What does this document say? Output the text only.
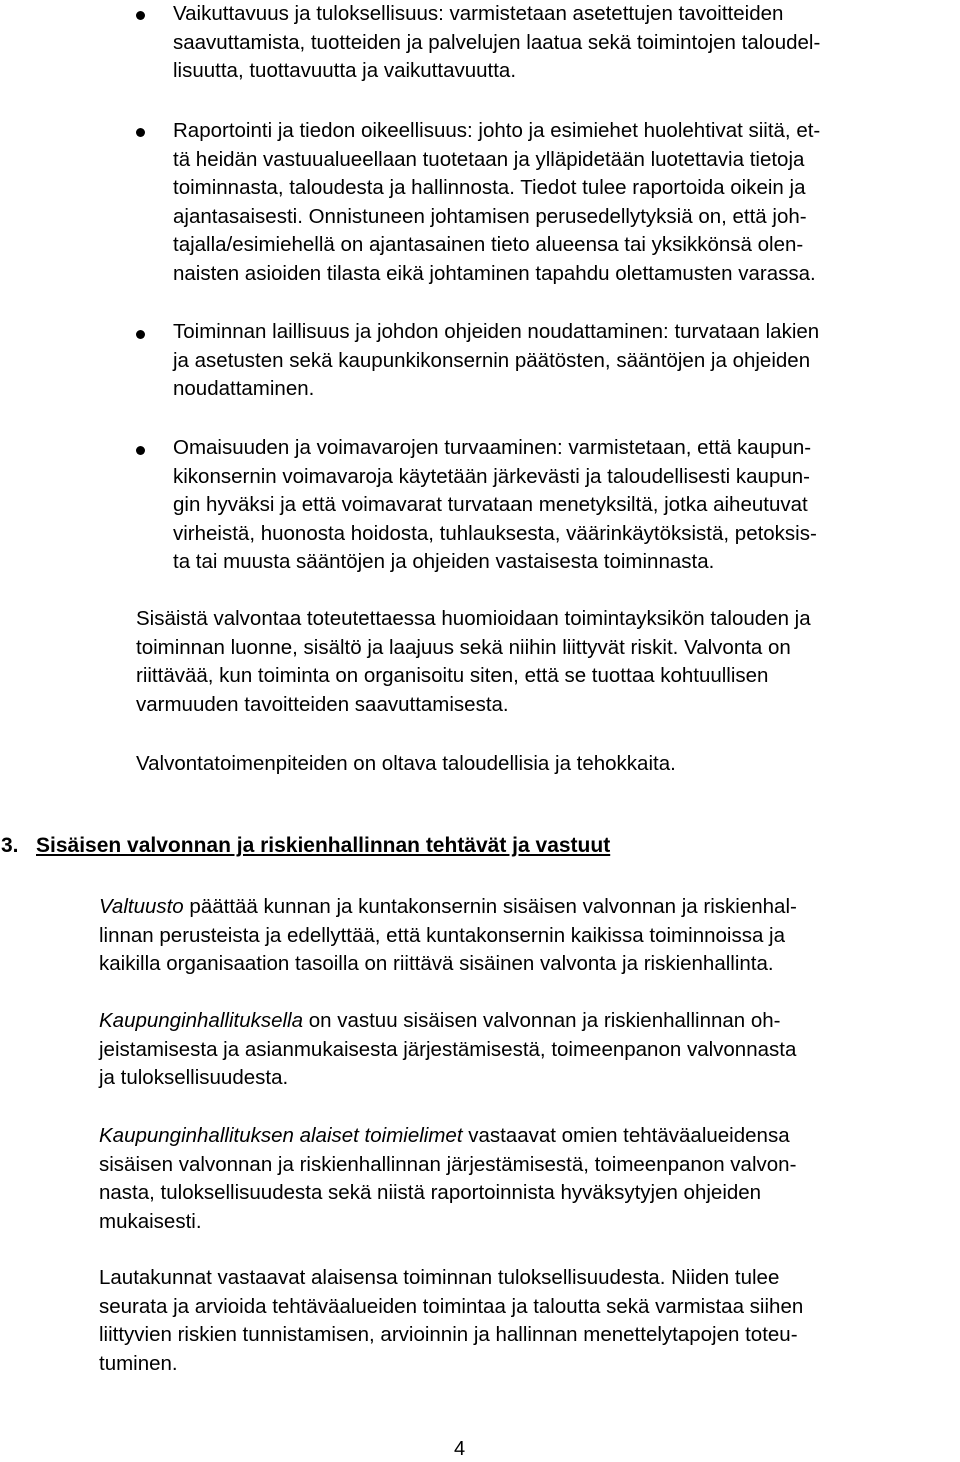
Vaikuttavuus ja tuloksellisuus: varmistetaan asetettujen tavoitteiden
saavuttamista, tuotteiden ja palvelujen laatua sekä toimintojen taloudel-
lisuutta, tuottavuutta ja vaikuttavuutta.

Raportointi ja tiedon oikeellisuus: johto ja esimiehet huolehtivat siitä, et-
tä heidän vastuualueellaan tuotetaan ja ylläpidetään luotettavia tietoja
toiminnasta, taloudesta ja hallinnosta. Tiedot tulee raportoida oikein ja
ajantasaisesti. Onnistuneen johtamisen perusedellytyksiä on, että joh-
tajalla/esimiehellä on ajantasainen tieto alueensa tai yksikkönsä olen-
naisten asioiden tilasta eikä johtaminen tapahdu olettamusten varassa.

Toiminnan laillisuus ja johdon ohjeiden noudattaminen: turvataan lakien
ja asetusten sekä kaupunkikonsernin päätösten, sääntöjen ja ohjeiden
noudattaminen.

Omaisuuden ja voimavarojen turvaaminen: varmistetaan, että kaupun-
kikonsernin voimavaroja käytetään järkevästi ja taloudellisesti kaupun-
gin hyväksi ja että voimavarat turvataan menetyksiltä, jotka aiheutuvat
virheistä, huonosta hoidosta, tuhlauksesta, väärinkäytöksistä, petoksis-
ta tai muusta sääntöjen ja ohjeiden vastaisesta toiminnasta.

Sisäistä valvontaa toteutettaessa huomioidaan toimintayksikön talouden ja
toiminnan luonne, sisältö ja laajuus sekä niihin liittyvät riskit. Valvonta on
riittävää, kun toiminta on organisoitu siten, että se tuottaa kohtuullisen
varmuuden tavoitteiden saavuttamisesta.

Valvontatoimenpiteiden on oltava taloudellisia ja tehokkaita.

3. Sisäisen valvonnan ja riskienhallinnan tehtävät ja vastuut

Valtuusto päättää kunnan ja kuntakonsernin sisäisen valvonnan ja riskienhal-
linnan perusteista ja edellyttää, että kuntakonsernin kaikissa toiminnoissa ja
kaikilla organisaation tasoilla on riittävä sisäinen valvonta ja riskienhallinta.

Kaupunginhallituksella on vastuu sisäisen valvonnan ja riskienhallinnan oh-
jeistamisesta ja asianmukaisesta järjestämisestä, toimeenpanon valvonnasta
ja tuloksellisuudesta.

Kaupunginhallituksen alaiset toimielimet vastaavat omien tehtäväalueidensa
sisäisen valvonnan ja riskienhallinnan järjestämisestä, toimeenpanon valvon-
nasta, tuloksellisuudesta sekä niistä raportoinnista hyväksytyjen ohjeiden
mukaisesti.

Lautakunnat vastaavat alaisensa toiminnan tuloksellisuudesta. Niiden tulee
seurata ja arvioida tehtäväalueiden toimintaa ja taloutta sekä varmistaa siihen
liittyvien riskien tunnistamisen, arvioinnin ja hallinnan menettelytapojen toteu-
tuminen.

4
